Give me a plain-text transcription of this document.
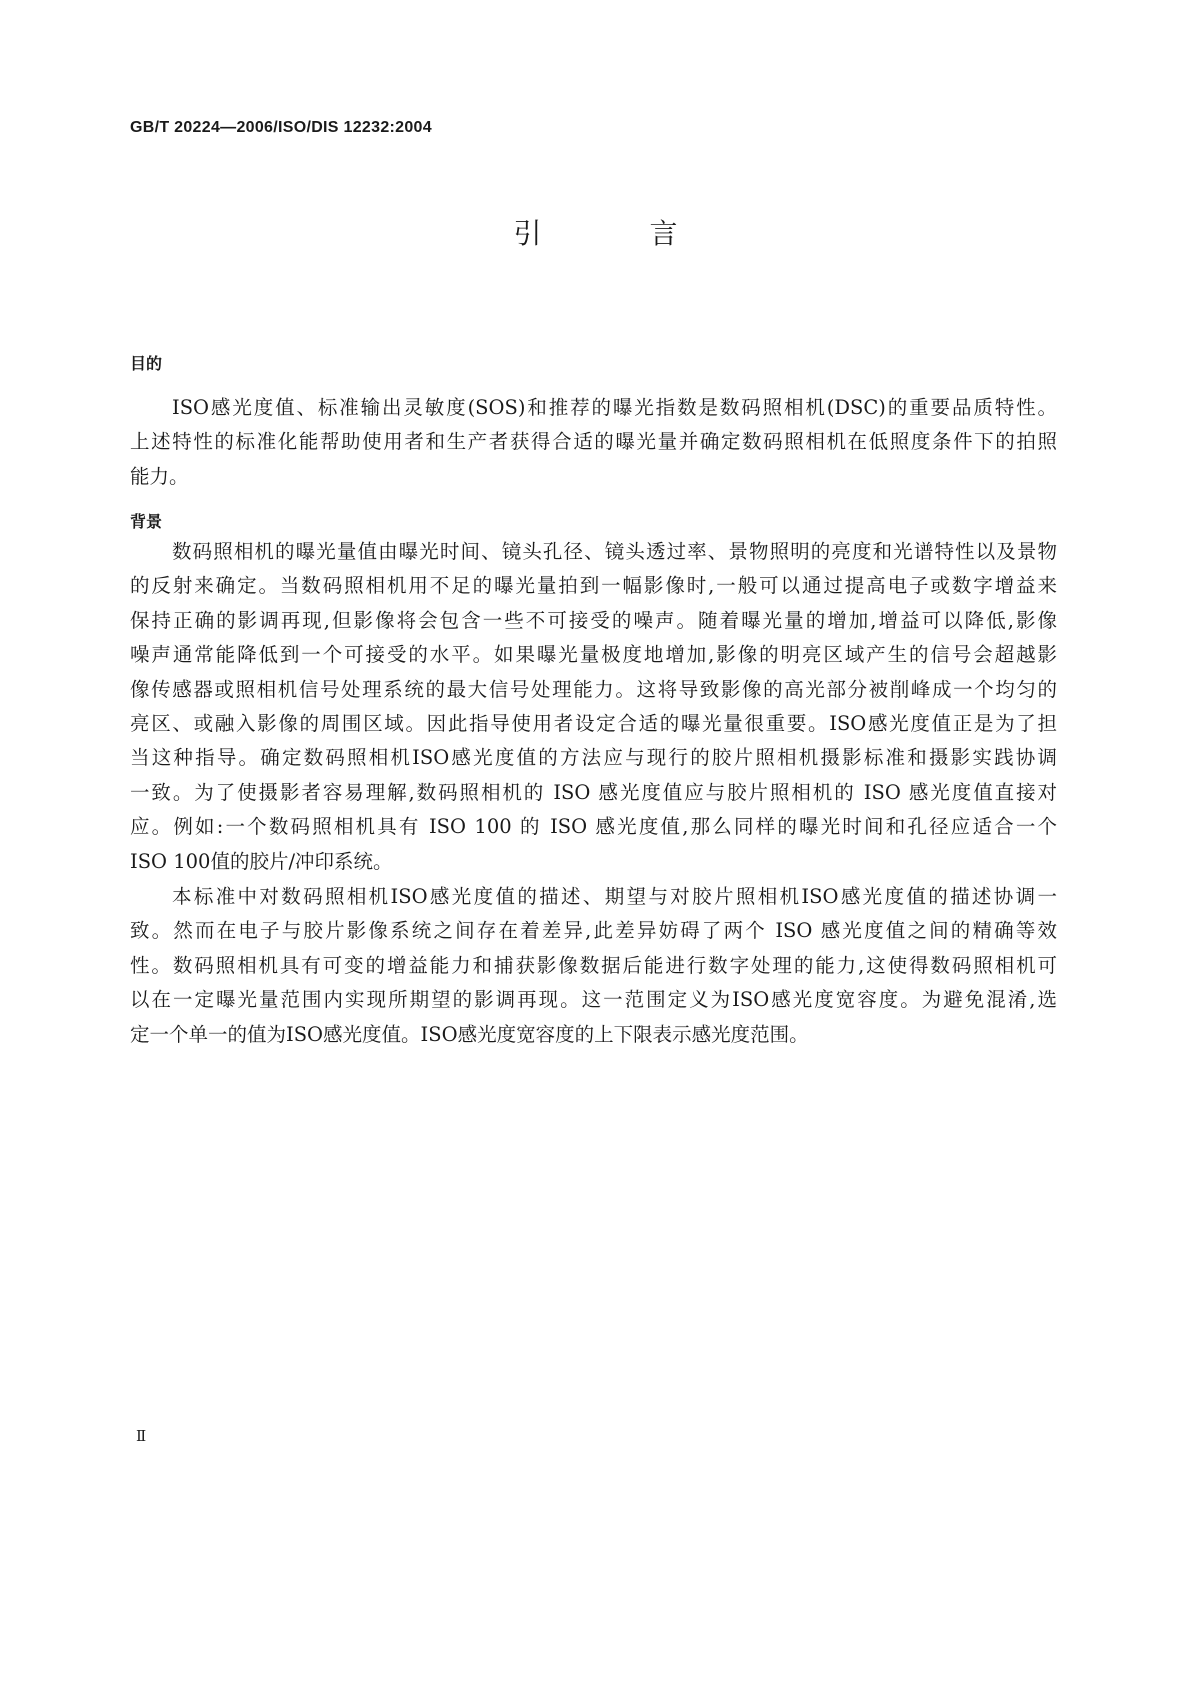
GB/T 20224—2006/ISO/DIS 12232:2004
引　言
目的
ISO感光度值、标准输出灵敏度(SOS)和推荐的曝光指数是数码照相机(DSC)的重要品质特性。
上述特性的标准化能帮助使用者和生产者获得合适的曝光量并确定数码照相机在低照度条件下的拍照
能力。
背景
数码照相机的曝光量值由曝光时间、镜头孔径、镜头透过率、景物照明的亮度和光谱特性以及景物
的反射来确定。当数码照相机用不足的曝光量拍到一幅影像时,一般可以通过提高电子或数字增益来
保持正确的影调再现,但影像将会包含一些不可接受的噪声。随着曝光量的增加,增益可以降低,影像
噪声通常能降低到一个可接受的水平。如果曝光量极度地增加,影像的明亮区域产生的信号会超越影
像传感器或照相机信号处理系统的最大信号处理能力。这将导致影像的高光部分被削峰成一个均匀的
亮区、或融入影像的周围区域。因此指导使用者设定合适的曝光量很重要。ISO感光度值正是为了担
当这种指导。确定数码照相机ISO感光度值的方法应与现行的胶片照相机摄影标准和摄影实践协调
一致。为了使摄影者容易理解,数码照相机的 ISO 感光度值应与胶片照相机的 ISO 感光度值直接对
应。例如:一个数码照相机具有 ISO 100 的 ISO 感光度值,那么同样的曝光时间和孔径应适合一个
ISO 100值的胶片/冲印系统。
本标准中对数码照相机ISO感光度值的描述、期望与对胶片照相机ISO感光度值的描述协调一
致。然而在电子与胶片影像系统之间存在着差异,此差异妨碍了两个 ISO 感光度值之间的精确等效
性。数码照相机具有可变的增益能力和捕获影像数据后能进行数字处理的能力,这使得数码照相机可
以在一定曝光量范围内实现所期望的影调再现。这一范围定义为ISO感光度宽容度。为避免混淆,选
定一个单一的值为ISO感光度值。ISO感光度宽容度的上下限表示感光度范围。
Ⅱ
